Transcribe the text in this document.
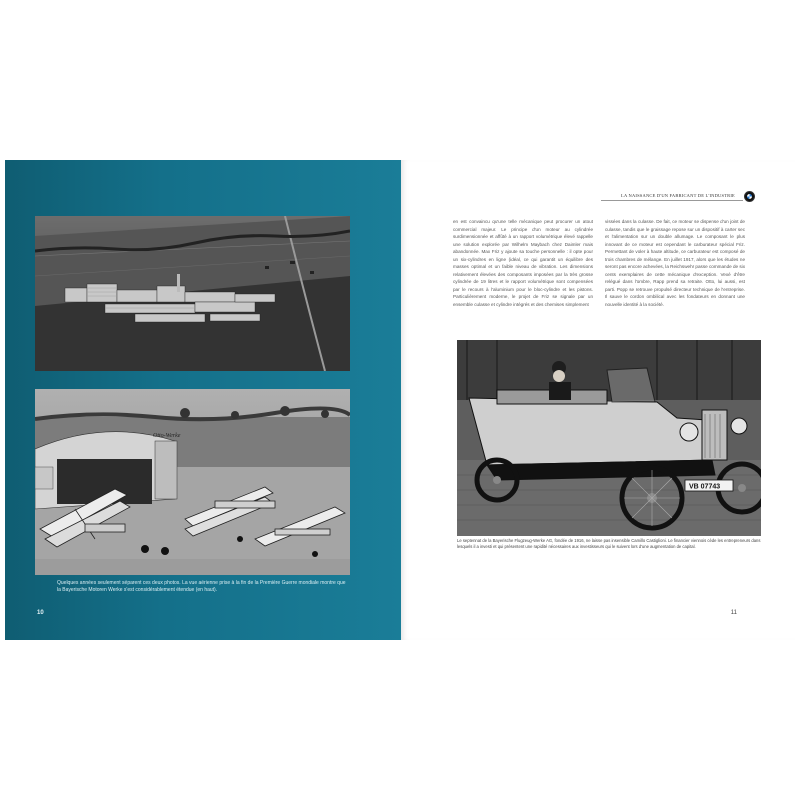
Otto-Werke

Quelques années seulement séparent ces deux photos. La vue aérienne prise à la fin de la Première Guerre mondiale montre que la Bayerische Motoren Werke s'est considérablement étendue (en haut).

10
LA NAISSANCE D'UN FABRICANT DE L'INDUSTRIE

en est convaincu qu'une telle mécanique peut procurer un atout commercial majeur. Le principe d'un moteur au cylindrée surdimensionnée et affûté à un rapport volumétrique élevé rappelle une solution explorée par Wilhelm Maybach chez Daimler mais abandonnée. Max Friz y ajoute sa touche personnelle : il opte pour un six-cylindres en ligne (idéal, ce qui garantit un équilibre des masses optimal et un faible niveau de vibration. Les dimensions relativement élevées des composants imposées par la très grosse cylindrée de 19 litres et le rapport volumétrique sont compensées par le recours à l'aluminium pour le bloc-cylindre et les pistons. Particulièrement moderne, le projet de Friz se signale par un ensemble culasse et cylindre intégrés et des chemises simplement

vissées dans la culasse. De fait, ce moteur se dispense d'un joint de culasse, tandis que le graissage repose sur un dispositif à carter sec et l'alimentation sur un double allumage. Le composant le plus innovant de ce moteur est cependant le carburateur spécial Friz. Permettant de voler à haute altitude, ce carburateur est composé de trois chambres de mélange. En juillet 1917, alors que les études ne seront pas encore achevées, la Reichswehr passe commande de six cents exemplaires de cette mécanique d'exception. Vexé d'être relégué dans l'ombre, Rapp prend sa retraite. Otto, lui aussi, est parti. Popp se retrouve propulsé directeur technique de l'entreprise. Il sauve le cordon ombilical avec les fondateurs en donnant une nouvelle identité à la société.

VB 07743

Le septennat de la Bayerische Flugzeug-Werke AG, fondée de 1916, ne laisse pas insensible Camillo Castiglioni. Le financier viennois cède les entrepreneurs dans lesquels il a investi et qui présentent une rapidité nécessaires aux investisseurs qui le suivent lors d'une augmentation de capital.

11
